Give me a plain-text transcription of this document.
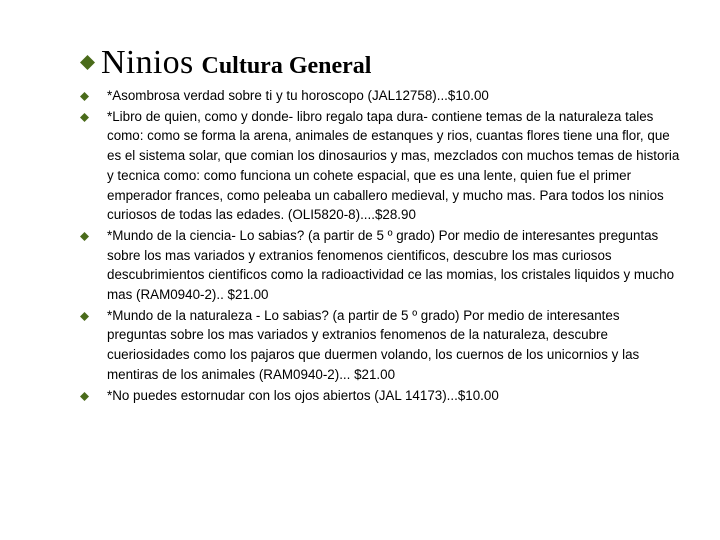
Ninios Cultura General
*Asombrosa verdad sobre ti y tu horoscopo (JAL12758)...$10.00
*Libro de quien, como y donde- libro regalo tapa dura- contiene temas de la naturaleza tales como: como se forma la arena, animales de estanques y rios, cuantas flores tiene una flor, que es el sistema solar, que comian los dinosaurios y mas, mezclados con muchos temas de historia y tecnica como: como funciona un cohete espacial, que es una lente, quien fue el primer emperador frances, como peleaba un caballero medieval, y mucho mas. Para todos los ninios curiosos de todas las edades. (OLI5820-8)....$28.90
*Mundo de la ciencia- Lo sabias? (a partir de 5 º grado) Por medio de interesantes preguntas sobre los mas variados y extranios fenomenos cientificos, descubre los mas curiosos descubrimientos cientificos como la radioactividad ce las momias, los cristales liquidos y mucho mas (RAM0940-2).. $21.00
*Mundo de la naturaleza - Lo sabias? (a partir de 5 º grado) Por medio de interesantes preguntas sobre los mas variados y extranios fenomenos de la naturaleza, descubre cueriosidades como los pajaros que duermen volando, los cuernos de los unicornios y las mentiras de los animales (RAM0940-2)... $21.00
*No puedes estornudar con los ojos abiertos (JAL 14173)...$10.00
